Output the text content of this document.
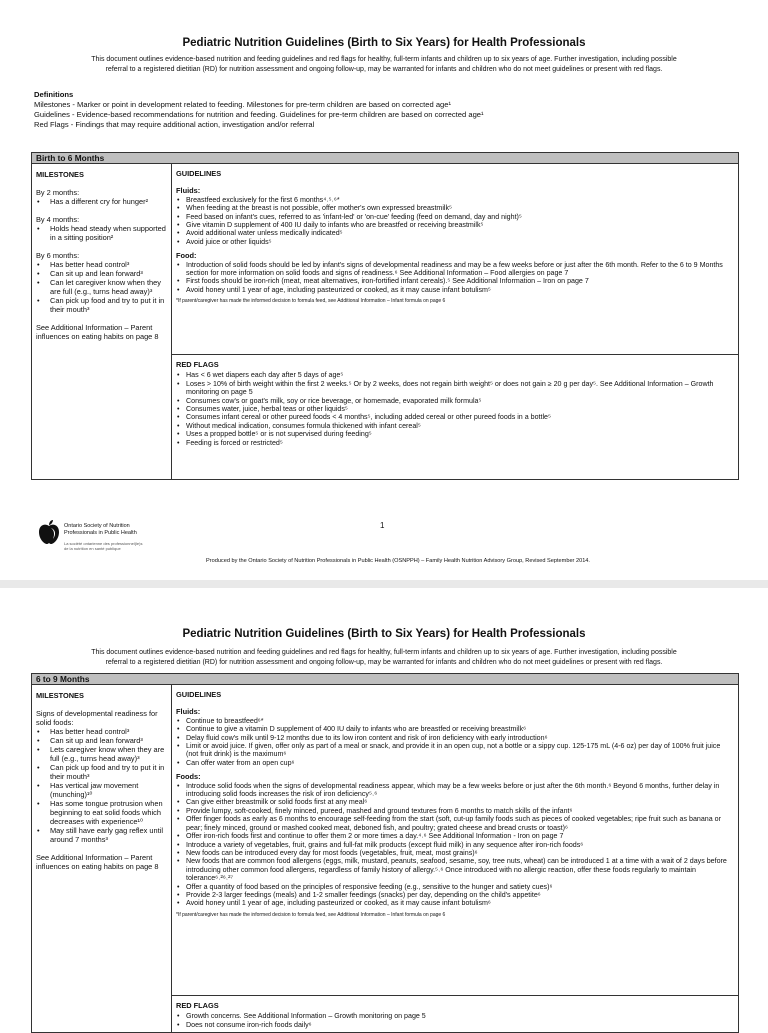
Pediatric Nutrition Guidelines (Birth to Six Years) for Health Professionals
This document outlines evidence-based nutrition and feeding guidelines and red flags for healthy, full-term infants and children up to six years of age. Further investigation, including possible
referral to a registered dietitian (RD) for nutrition assessment and ongoing follow-up, may be warranted for infants and children who do not meet guidelines or present with red flags.
Definitions
Milestones - Marker or point in development related to feeding. Milestones for pre-term children are based on corrected age¹
Guidelines - Evidence-based recommendations for nutrition and feeding. Guidelines for pre-term children are based on corrected age¹
Red Flags - Findings that may require additional action, investigation and/or referral
Birth to 6 Months
MILESTONES
By 2 months:
• Has a different cry for hunger²
By 4 months:
• Holds head steady when supported in a sitting position²
By 6 months:
• Has better head control³
• Can sit up and lean forward³
• Can let caregiver know when they are full (e.g., turns head away)³
• Can pick up food and try to put it in their mouth³
See Additional Information – Parent influences on eating habits on page 8
GUIDELINES
Fluids:
• Breastfeed exclusively for the first 6 months⁴˒⁵˒⁶*
• When feeding at the breast is not possible, offer mother's own expressed breastmilk⁵
• Feed based on infant's cues, referred to as 'infant-led' or 'on-cue' feeding (feed on demand, day and night)⁵
• Give vitamin D supplement of 400 IU daily to infants who are breastfed or receiving breastmilk⁵
• Avoid additional water unless medically indicated⁵
• Avoid juice or other liquids⁵
Food:
• Introduction of solid foods should be led by infant's signs of developmental readiness and may be a few weeks before or just after the 6th month. Refer to the 6 to 9 Months section for more information on solid foods and signs of readiness.⁶ See Additional Information – Food allergies on page 7
• First foods should be iron-rich (meat, meat alternatives, iron-fortified infant cereals).⁵ See Additional Information – Iron on page 7
• Avoid honey until 1 year of age, including pasteurized or cooked, as it may cause infant botulism⁵
*If parent/caregiver has made the informed decision to formula feed, see Additional Information – Infant formula on page 6
RED FLAGS
• Has < 6 wet diapers each day after 5 days of age⁵
• Loses > 10% of birth weight within the first 2 weeks.⁵ Or by 2 weeks, does not regain birth weight⁵ or does not gain ≥ 20 g per day⁵. See Additional Information – Growth monitoring on page 5
• Consumes cow's or goat's milk, soy or rice beverage, or homemade, evaporated milk formula⁵
• Consumes water, juice, herbal teas or other liquids⁵
• Consumes infant cereal or other pureed foods < 4 months⁵, including added cereal or other pureed foods in a bottle⁵
• Without medical indication, consumes formula thickened with infant cereal⁵
• Uses a propped bottle⁵ or is not supervised during feeding⁵
• Feeding is forced or restricted⁵
Ontario Society of Nutrition
Professionals in Public Health
La société ontarienne des professionnel(le)s
de la nutrition en santé publique
1
Produced by the Ontario Society of Nutrition Professionals in Public Health (OSNPPH) – Family Health Nutrition Advisory Group, Revised September 2014.
Pediatric Nutrition Guidelines (Birth to Six Years) for Health Professionals
This document outlines evidence-based nutrition and feeding guidelines and red flags for healthy, full-term infants and children up to six years of age. Further investigation, including possible
referral to a registered dietitian (RD) for nutrition assessment and ongoing follow-up, may be warranted for infants and children who do not meet guidelines or present with red flags.
6 to 9 Months
MILESTONES
Signs of developmental readiness for solid foods:
• Has better head control³
• Can sit up and lean forward³
• Lets caregiver know when they are full (e.g., turns head away)³
• Can pick up food and try to put it in their mouth³
• Has vertical jaw movement (munching)¹⁰
• Has some tongue protrusion when beginning to eat solid foods which decreases with experience¹⁰
• May still have early gag reflex until around 7 months³
See Additional Information – Parent influences on eating habits on page 8
GUIDELINES
Fluids:
• Continue to breastfeed⁶*
• Continue to give a vitamin D supplement of 400 IU daily to infants who are breastfed or receiving breastmilk⁶
• Delay fluid cow's milk until 9-12 months due to its low iron content and risk of iron deficiency with early introduction⁶
• Limit or avoid juice. If given, offer only as part of a meal or snack, and provide it in an open cup, not a bottle or a sippy cup. 125-175 mL (4-6 oz) per day of 100% fruit juice (not fruit drink) is the maximum⁶
• Can offer water from an open cup⁶
Foods:
• Introduce solid foods when the signs of developmental readiness appear, which may be a few weeks before or just after the 6th month.⁶ Beyond 6 months, further delay in introducing solid foods increases the risk of iron deficiency⁵˒⁶
• Can give either breastmilk or solid foods first at any meal⁶
• Provide lumpy, soft-cooked, finely minced, pureed, mashed and ground textures from 6 months to match skills of the infant⁶
• Offer finger foods as early as 6 months to encourage self-feeding from the start (soft, cut-up family foods such as pieces of cooked vegetables; ripe fruit such as banana or pear; finely minced, ground or mashed cooked meat, deboned fish, and poultry; grated cheese and bread crusts or toast)⁶
• Offer iron-rich foods first and continue to offer them 2 or more times a day.⁴˒⁶ See Additional Information - Iron on page 7
• Introduce a variety of vegetables, fruit, grains and full-fat milk products (except fluid milk) in any sequence after iron-rich foods⁶
• New foods can be introduced every day for most foods (vegetables, fruit, meat, most grains)⁶
• New foods that are common food allergens (eggs, milk, mustard, peanuts, seafood, sesame, soy, tree nuts, wheat) can be introduced 1 at a time with a wait of 2 days before introducing other common food allergens, regardless of family history of allergy.⁵˒⁶ Once introduced with no allergic reaction, offer these foods regularly to maintain tolerance⁶˒²⁶˒²⁷
• Offer a quantity of food based on the principles of responsive feeding (e.g., sensitive to the hunger and satiety cues)⁶
• Provide 2-3 larger feedings (meals) and 1-2 smaller feedings (snacks) per day, depending on the child's appetite⁶
• Avoid honey until 1 year of age, including pasteurized or cooked, as it may cause infant botulism⁶
*If parent/caregiver has made the informed decision to formula feed, see Additional Information – Infant formula on page 6
RED FLAGS
• Growth concerns. See Additional Information – Growth monitoring on page 5
• Does not consume iron-rich foods daily⁶
